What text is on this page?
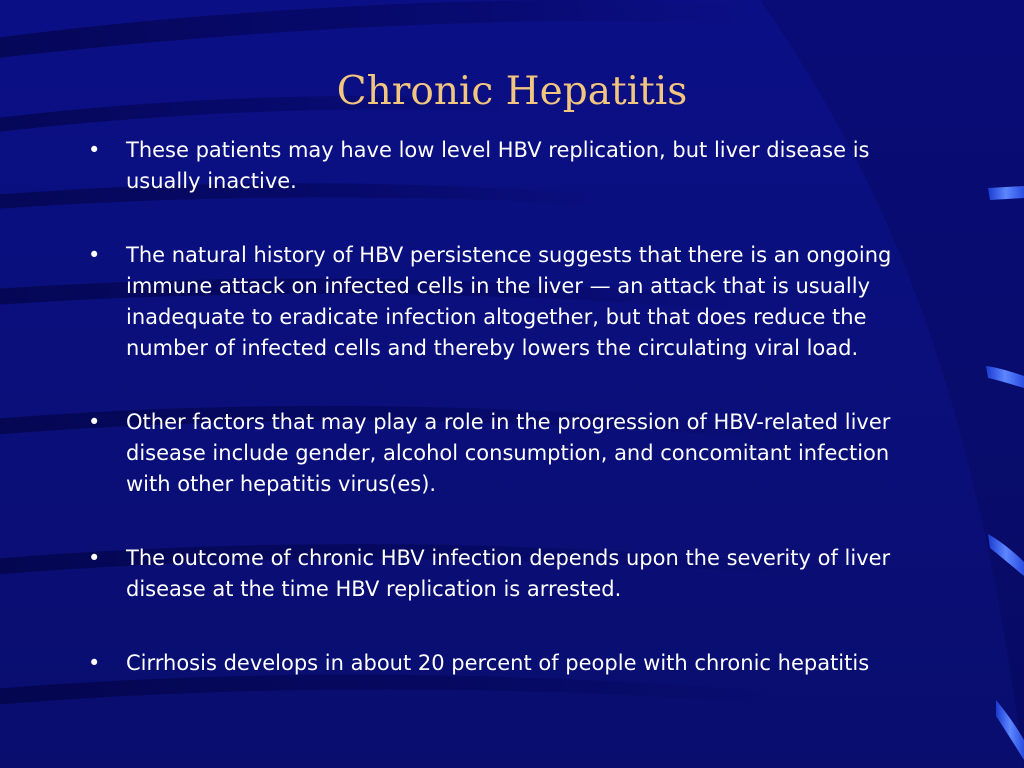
Chronic Hepatitis
• These patients may have low level HBV replication, but liver disease is usually inactive.
• The natural history of HBV persistence suggests that there is an ongoing immune attack on infected cells in the liver — an attack that is usually inadequate to eradicate infection altogether, but that does reduce the number of infected cells and thereby lowers the circulating viral load.
• Other factors that may play a role in the progression of HBV-related liver disease include gender, alcohol consumption, and concomitant infection with other hepatitis virus(es).
• The outcome of chronic HBV infection depends upon the severity of liver disease at the time HBV replication is arrested.
• Cirrhosis develops in about 20 percent of people with chronic hepatitis
